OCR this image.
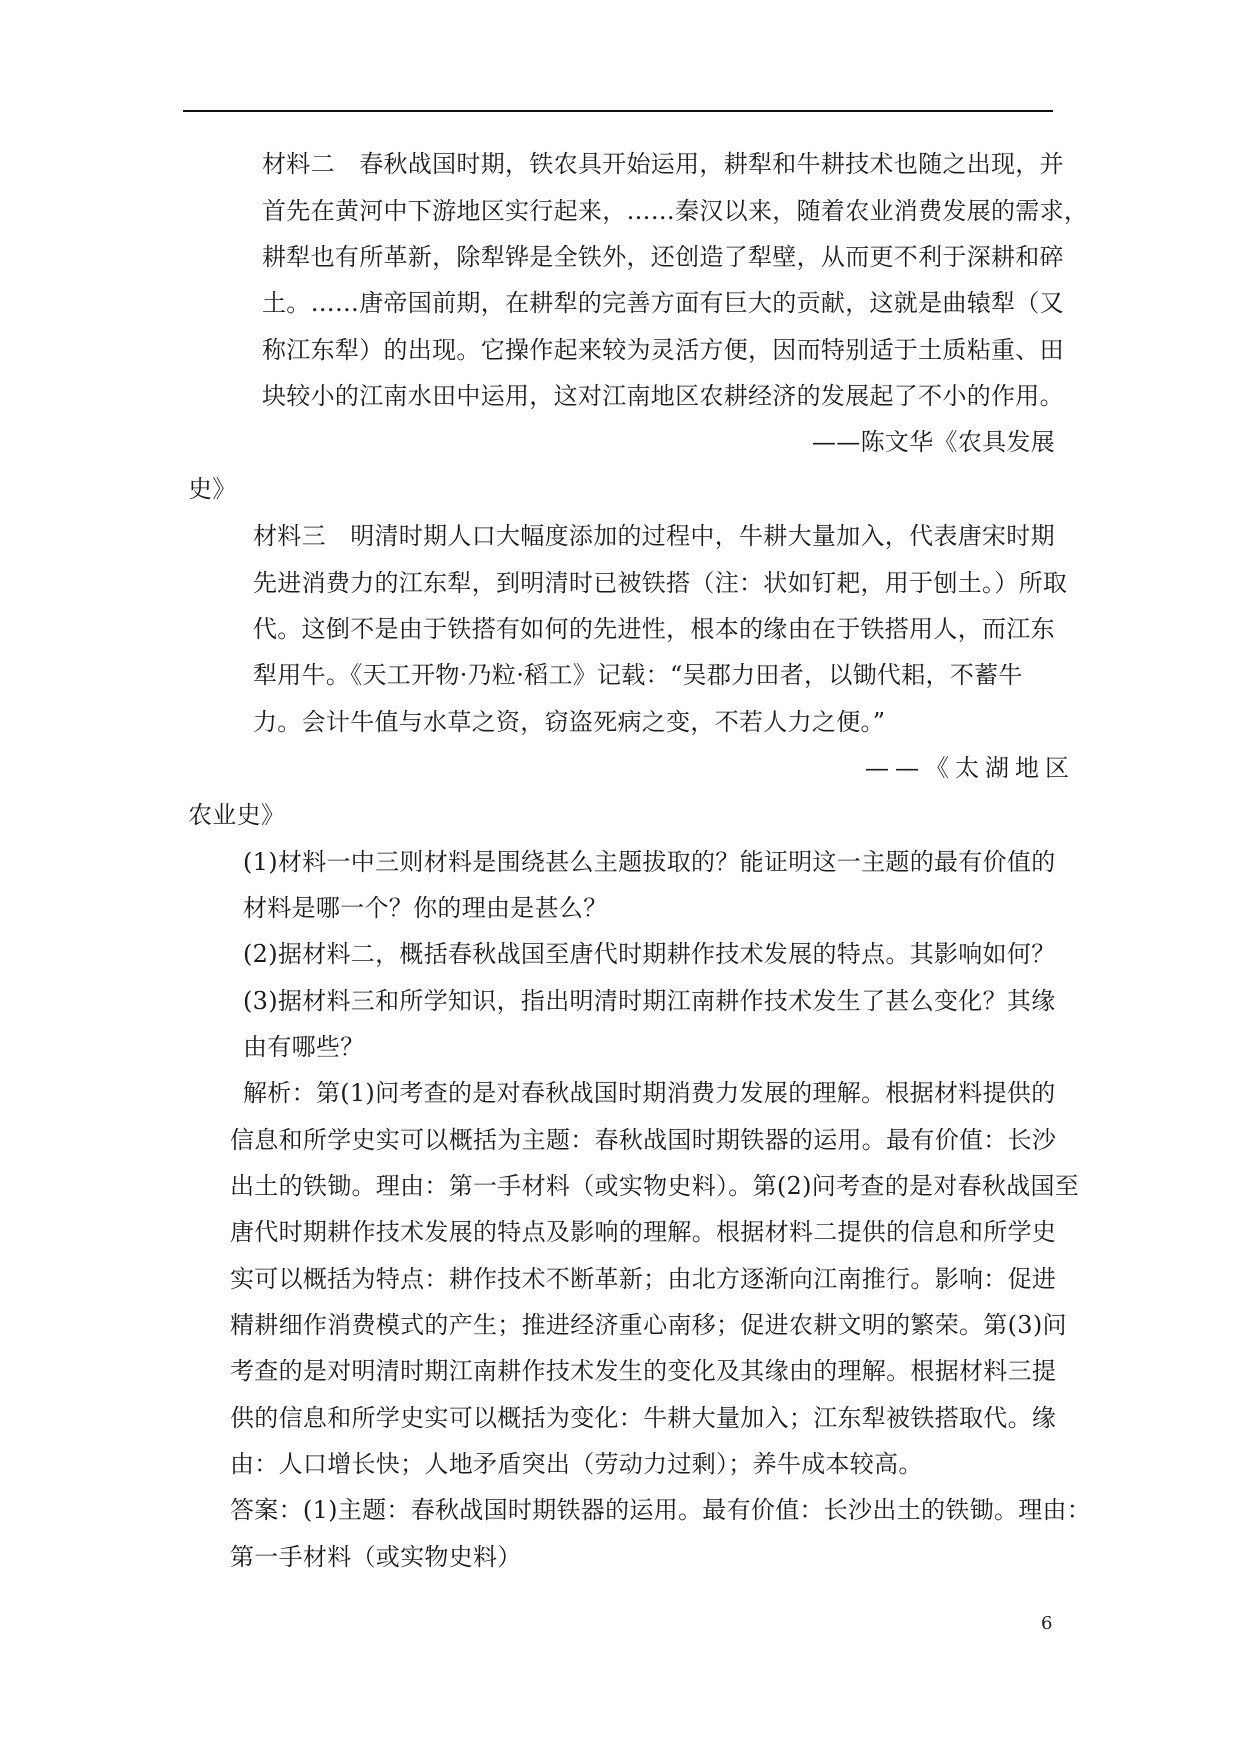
材料二　春秋战国时期，铁农具开始运用，耕犁和牛耕技术也随之出现，并
首先在黄河中下游地区实行起来，……秦汉以来，随着农业消费发展的需求，
耕犁也有所革新，除犁铧是全铁外，还创造了犁壁，从而更不利于深耕和碎
土。……唐帝国前期，在耕犁的完善方面有巨大的贡献，这就是曲辕犁（又
称江东犁）的出现。它操作起来较为灵活方便，因而特别适于土质粘重、田
块较小的江南水田中运用，这对江南地区农耕经济的发展起了不小的作用。
——陈文华《农具发展
史》
材料三　明清时期人口大幅度添加的过程中，牛耕大量加入，代表唐宋时期
先进消费力的江东犁，到明清时已被铁搭（注：状如钉耙，用于刨土。）所取
代。这倒不是由于铁搭有如何的先进性，根本的缘由在于铁搭用人，而江东
犁用牛。《天工开物·乃粒·稻工》记载：“吴郡力田者，以锄代耜，不蓄牛
力。会计牛值与水草之资，窃盗死病之变，不若人力之便。”
——《太湖地区
农业史》
(1)材料一中三则材料是围绕甚么主题拔取的？能证明这一主题的最有价值的
材料是哪一个？你的理由是甚么？
(2)据材料二，概括春秋战国至唐代时期耕作技术发展的特点。其影响如何？
(3)据材料三和所学知识，指出明清时期江南耕作技术发生了甚么变化？其缘
由有哪些？
解析：第(1)问考查的是对春秋战国时期消费力发展的理解。根据材料提供的
信息和所学史实可以概括为主题：春秋战国时期铁器的运用。最有价值：长沙
出土的铁锄。理由：第一手材料（或实物史料）。第(2)问考查的是对春秋战国至
唐代时期耕作技术发展的特点及影响的理解。根据材料二提供的信息和所学史
实可以概括为特点：耕作技术不断革新；由北方逐渐向江南推行。影响：促进
精耕细作消费模式的产生；推进经济重心南移；促进农耕文明的繁荣。第(3)问
考查的是对明清时期江南耕作技术发生的变化及其缘由的理解。根据材料三提
供的信息和所学史实可以概括为变化：牛耕大量加入；江东犁被铁搭取代。缘
由：人口增长快；人地矛盾突出（劳动力过剩）；养牛成本较高。
答案：(1)主题：春秋战国时期铁器的运用。最有价值：长沙出土的铁锄。理由：
第一手材料（或实物史料）
6
